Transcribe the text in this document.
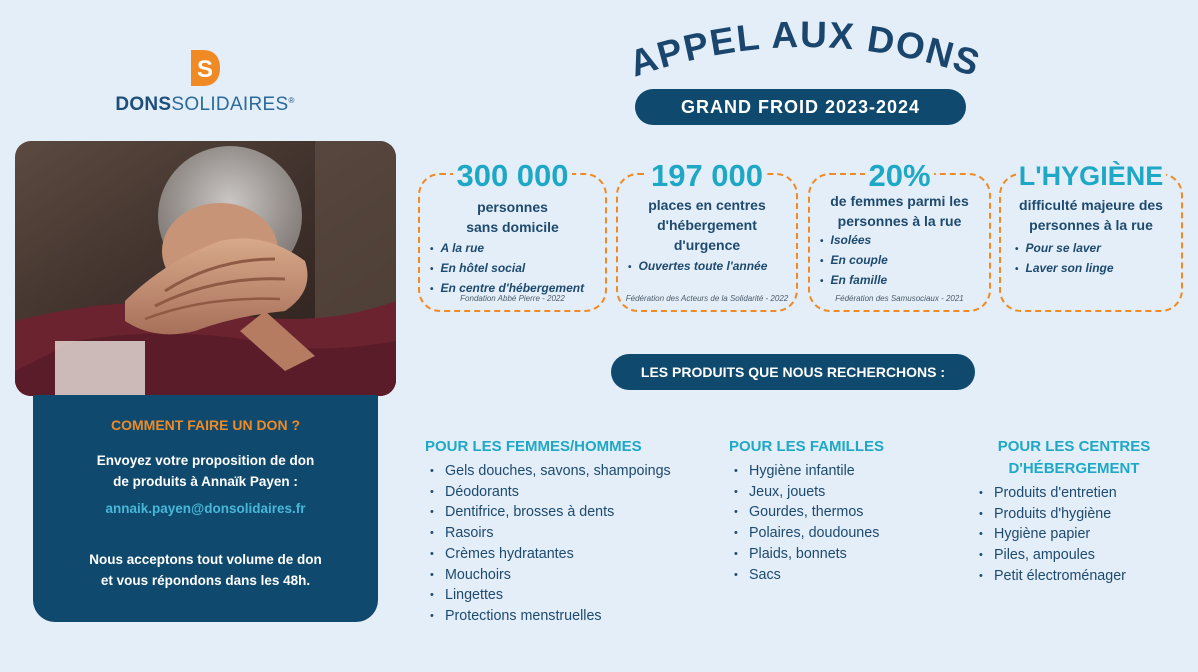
S
DONSSOLIDAIRES®
COMMENT FAIRE UN DON ?
Envoyez votre proposition de don
de produits à Annaïk Payen :
annaik.payen@donsolidaires.fr
Nous acceptons tout volume de don
et vous répondons dans les 48h.
APPEL AUX DONS
GRAND FROID 2023-2024
300 000
personnes
sans domicile
• A la rue
• En hôtel social
• En centre d'hébergement
Fondation Abbé Pierre - 2022
197 000
places en centres
d'hébergement
d'urgence
• Ouvertes toute l'année
Fédération des Acteurs de la Solidarité - 2022
20%
de femmes parmi les
personnes à la rue
• Isolées
• En couple
• En famille
Fédération des Samusociaux - 2021
L'HYGIÈNE
difficulté majeure des
personnes à la rue
• Pour se laver
• Laver son linge
LES PRODUITS QUE NOUS RECHERCHONS :
POUR LES FEMMES/HOMMES
• Gels douches, savons, shampoings
• Déodorants
• Dentifrice, brosses à dents
• Rasoirs
• Crèmes hydratantes
• Mouchoirs
• Lingettes
• Protections menstruelles
POUR LES FAMILLES
• Hygiène infantile
• Jeux, jouets
• Gourdes, thermos
• Polaires, doudounes
• Plaids, bonnets
• Sacs
POUR LES CENTRES
D'HÉBERGEMENT
• Produits d'entretien
• Produits d'hygiène
• Hygiène papier
• Piles, ampoules
• Petit électroménager
